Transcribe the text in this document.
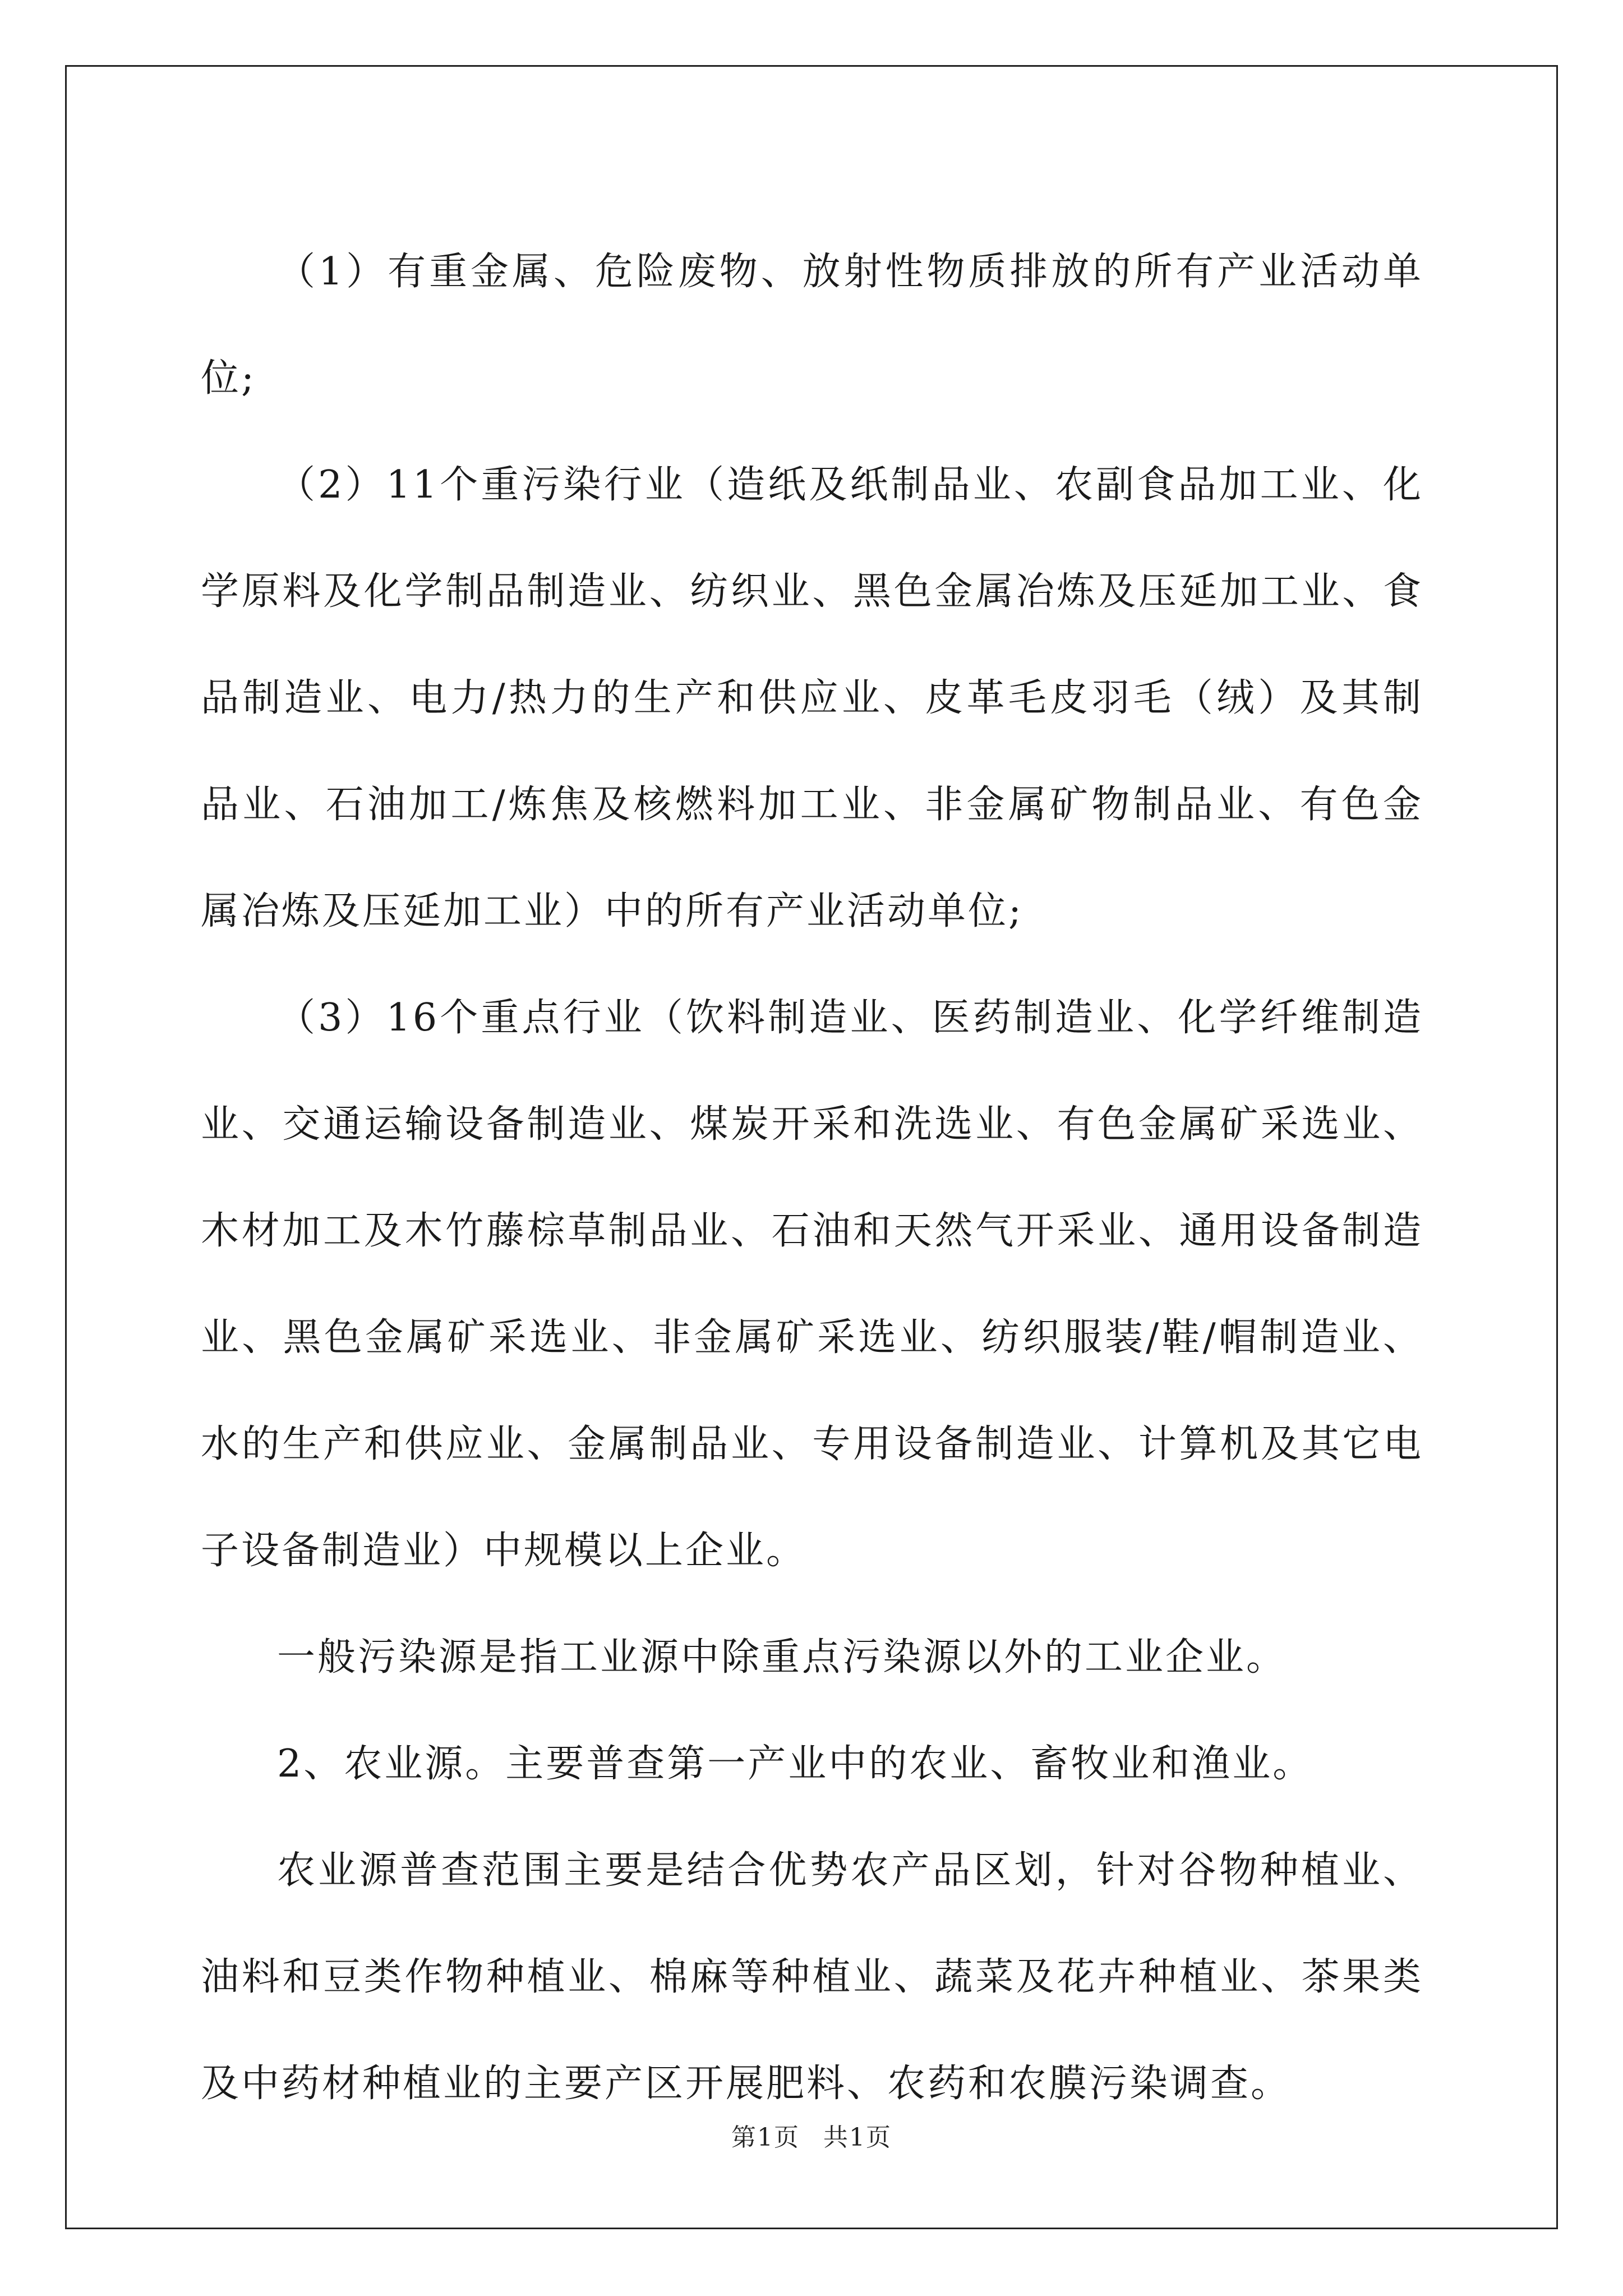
（1）有重金属、危险废物、放射性物质排放的所有产业活动单位;

（2）11个重污染行业（造纸及纸制品业、农副食品加工业、化学原料及化学制品制造业、纺织业、黑色金属冶炼及压延加工业、食品制造业、电力/热力的生产和供应业、皮革毛皮羽毛（绒）及其制品业、石油加工/炼焦及核燃料加工业、非金属矿物制品业、有色金属冶炼及压延加工业）中的所有产业活动单位;

（3）16个重点行业（饮料制造业、医药制造业、化学纤维制造业、交通运输设备制造业、煤炭开采和洗选业、有色金属矿采选业、木材加工及木竹藤棕草制品业、石油和天然气开采业、通用设备制造业、黑色金属矿采选业、非金属矿采选业、纺织服装/鞋/帽制造业、水的生产和供应业、金属制品业、专用设备制造业、计算机及其它电子设备制造业）中规模以上企业。

一般污染源是指工业源中除重点污染源以外的工业企业。

2、农业源。主要普查第一产业中的农业、畜牧业和渔业。

农业源普查范围主要是结合优势农产品区划，针对谷物种植业、油料和豆类作物种植业、棉麻等种植业、蔬菜及花卉种植业、茶果类及中药材种植业的主要产区开展肥料、农药和农膜污染调查。

第1页 共1页
